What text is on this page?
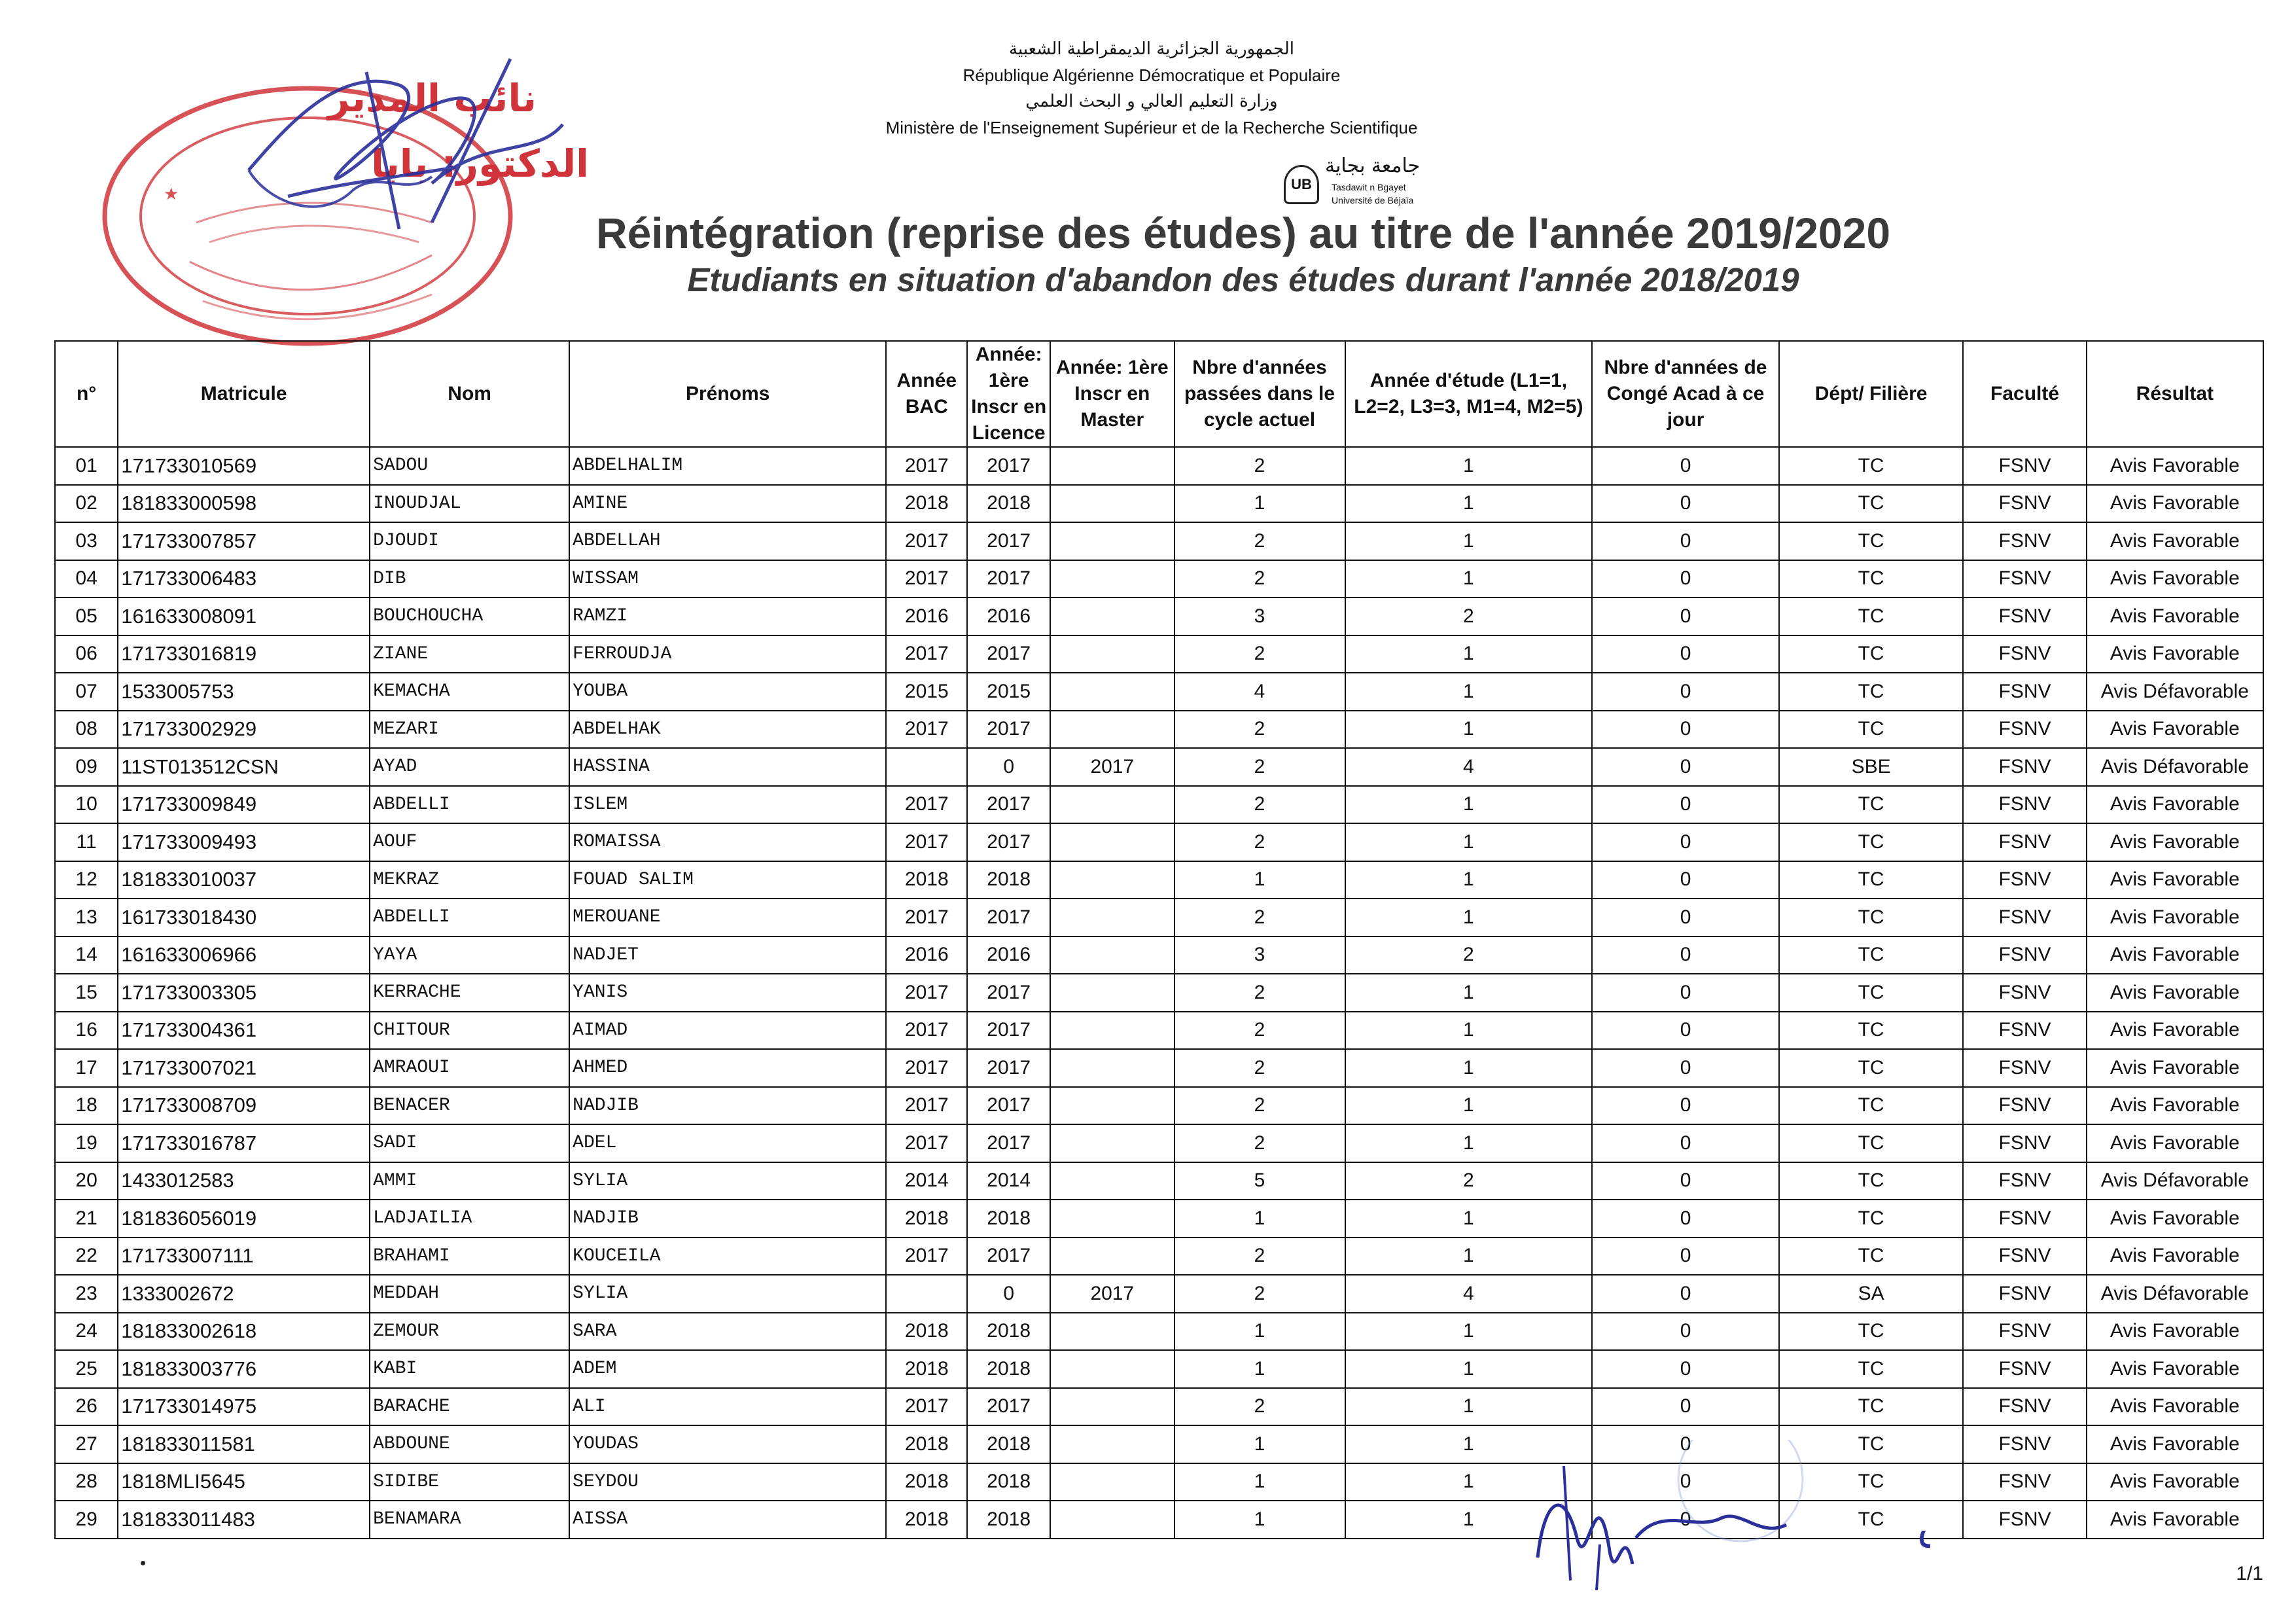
★
نائب المدير
الدكتور: بابا
الجمهورية الجزائرية الديمقراطية الشعبية
République Algérienne Démocratique et Populaire
وزارة التعليم العالي و البحث العلمي
Ministère de l'Enseignement Supérieur et de la Recherche Scientifique
UB
جامعة بجاية
Tasdawit n Bgayet
Université de Béjaïa
Réintégration (reprise des études) au titre de l'année 2019/2020
Etudiants en situation d'abandon des études durant l'année 2018/2019
n°	Matricule	Nom	Prénoms	Année BAC	Année: 1ère Inscr en Licence	Année: 1ère Inscr en Master	Nbre d'années passées dans le cycle actuel	Année d'étude (L1=1, L2=2, L3=3, M1=4, M2=5)	Nbre d'années de Congé Acad à ce jour	Dépt/ Filière	Faculté	Résultat
01	171733010569	SADOU	ABDELHALIM	2017	2017		2	1	0	TC	FSNV	Avis Favorable
02	181833000598	INOUDJAL	AMINE	2018	2018		1	1	0	TC	FSNV	Avis Favorable
03	171733007857	DJOUDI	ABDELLAH	2017	2017		2	1	0	TC	FSNV	Avis Favorable
04	171733006483	DIB	WISSAM	2017	2017		2	1	0	TC	FSNV	Avis Favorable
05	161633008091	BOUCHOUCHA	RAMZI	2016	2016		3	2	0	TC	FSNV	Avis Favorable
06	171733016819	ZIANE	FERROUDJA	2017	2017		2	1	0	TC	FSNV	Avis Favorable
07	1533005753	KEMACHA	YOUBA	2015	2015		4	1	0	TC	FSNV	Avis Défavorable
08	171733002929	MEZARI	ABDELHAK	2017	2017		2	1	0	TC	FSNV	Avis Favorable
09	11ST013512CSN	AYAD	HASSINA		0	2017	2	4	0	SBE	FSNV	Avis Défavorable
10	171733009849	ABDELLI	ISLEM	2017	2017		2	1	0	TC	FSNV	Avis Favorable
11	171733009493	AOUF	ROMAISSA	2017	2017		2	1	0	TC	FSNV	Avis Favorable
12	181833010037	MEKRAZ	FOUAD SALIM	2018	2018		1	1	0	TC	FSNV	Avis Favorable
13	161733018430	ABDELLI	MEROUANE	2017	2017		2	1	0	TC	FSNV	Avis Favorable
14	161633006966	YAYA	NADJET	2016	2016		3	2	0	TC	FSNV	Avis Favorable
15	171733003305	KERRACHE	YANIS	2017	2017		2	1	0	TC	FSNV	Avis Favorable
16	171733004361	CHITOUR	AIMAD	2017	2017		2	1	0	TC	FSNV	Avis Favorable
17	171733007021	AMRAOUI	AHMED	2017	2017		2	1	0	TC	FSNV	Avis Favorable
18	171733008709	BENACER	NADJIB	2017	2017		2	1	0	TC	FSNV	Avis Favorable
19	171733016787	SADI	ADEL	2017	2017		2	1	0	TC	FSNV	Avis Favorable
20	1433012583	AMMI	SYLIA	2014	2014		5	2	0	TC	FSNV	Avis Défavorable
21	181836056019	LADJAILIA	NADJIB	2018	2018		1	1	0	TC	FSNV	Avis Favorable
22	171733007111	BRAHAMI	KOUCEILA	2017	2017		2	1	0	TC	FSNV	Avis Favorable
23	1333002672	MEDDAH	SYLIA		0	2017	2	4	0	SA	FSNV	Avis Défavorable
24	181833002618	ZEMOUR	SARA	2018	2018		1	1	0	TC	FSNV	Avis Favorable
25	181833003776	KABI	ADEM	2018	2018		1	1	0	TC	FSNV	Avis Favorable
26	171733014975	BARACHE	ALI	2017	2017		2	1	0	TC	FSNV	Avis Favorable
27	181833011581	ABDOUNE	YOUDAS	2018	2018		1	1	0	TC	FSNV	Avis Favorable
28	1818MLI5645	SIDIBE	SEYDOU	2018	2018		1	1	0	TC	FSNV	Avis Favorable
29	181833011483	BENAMARA	AISSA	2018	2018		1	1	0	TC	FSNV	Avis Favorable
1/1
